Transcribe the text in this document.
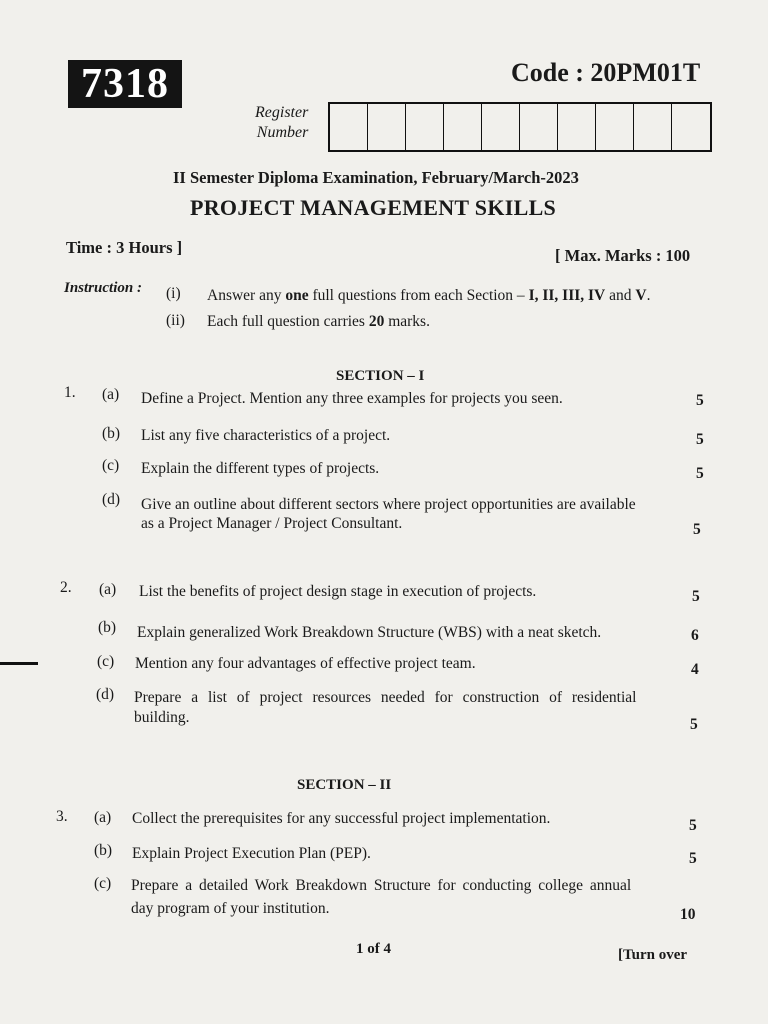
7318	Code : 20PM01T
Register
Number
II Semester Diploma Examination, February/March-2023
PROJECT MANAGEMENT SKILLS
Time : 3 Hours ]	[ Max. Marks : 100
Instruction : (i) Answer any one full questions from each Section – I, II, III, IV and V.
(ii) Each full question carries 20 marks.
SECTION – I
1. (a) Define a Project. Mention any three examples for projects you seen.	5
(b) List any five characteristics of a project.	5
(c) Explain the different types of projects.	5
(d) Give an outline about different sectors where project opportunities are available
as a Project Manager / Project Consultant.	5
2. (a) List the benefits of project design stage in execution of projects.	5
(b) Explain generalized Work Breakdown Structure (WBS) with a neat sketch.	6
(c) Mention any four advantages of effective project team.	4
(d) Prepare a list of project resources needed for construction of residential
building.	5
SECTION – II
3. (a) Collect the prerequisites for any successful project implementation.	5
(b) Explain Project Execution Plan (PEP).	5
(c) Prepare a detailed Work Breakdown Structure for conducting college annual
day program of your institution.	10
1 of 4	[Turn over
